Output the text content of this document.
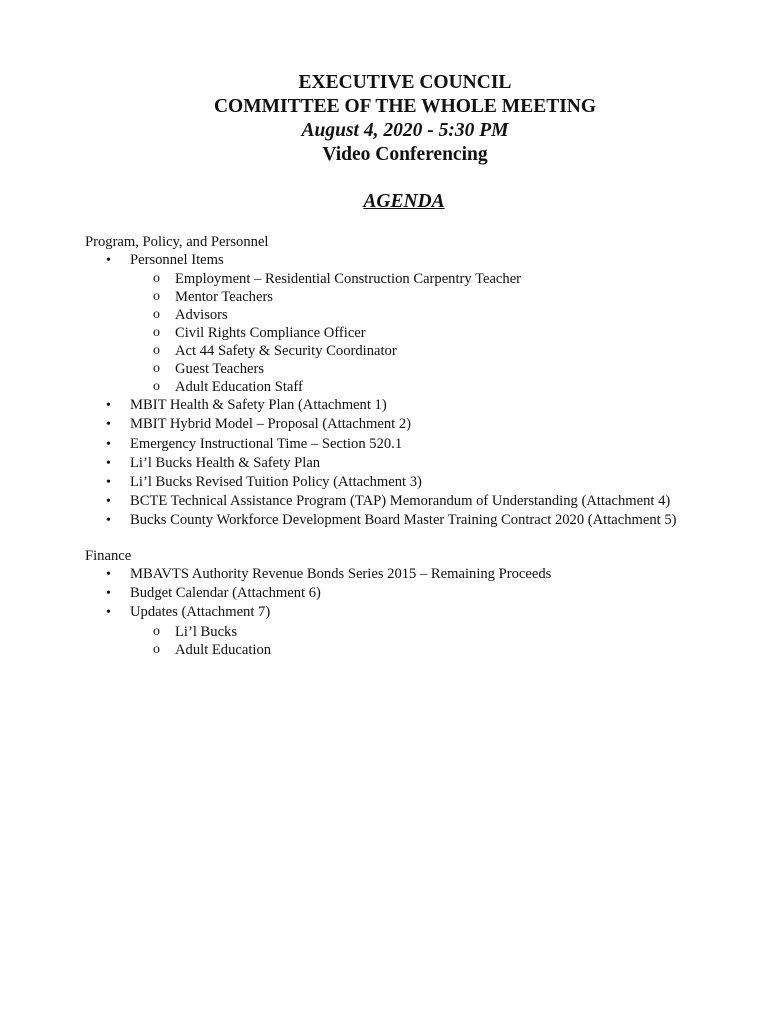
EXECUTIVE COUNCIL

COMMITTEE OF THE WHOLE MEETING

August 4, 2020 - 5:30 PM

Video Conferencing

AGENDA

Program, Policy, and Personnel

• Personnel Items
o Employment – Residential Construction Carpentry Teacher
o Mentor Teachers
o Advisors
o Civil Rights Compliance Officer
o Act 44 Safety & Security Coordinator
o Guest Teachers
o Adult Education Staff
• MBIT Health & Safety Plan (Attachment 1)
• MBIT Hybrid Model – Proposal (Attachment 2)
• Emergency Instructional Time – Section 520.1
• Li’l Bucks Health & Safety Plan
• Li’l Bucks Revised Tuition Policy (Attachment 3)
• BCTE Technical Assistance Program (TAP) Memorandum of Understanding (Attachment 4)
• Bucks County Workforce Development Board Master Training Contract 2020 (Attachment 5)

Finance

• MBAVTS Authority Revenue Bonds Series 2015 – Remaining Proceeds
• Budget Calendar (Attachment 6)
• Updates (Attachment 7)
o Li’l Bucks
o Adult Education
